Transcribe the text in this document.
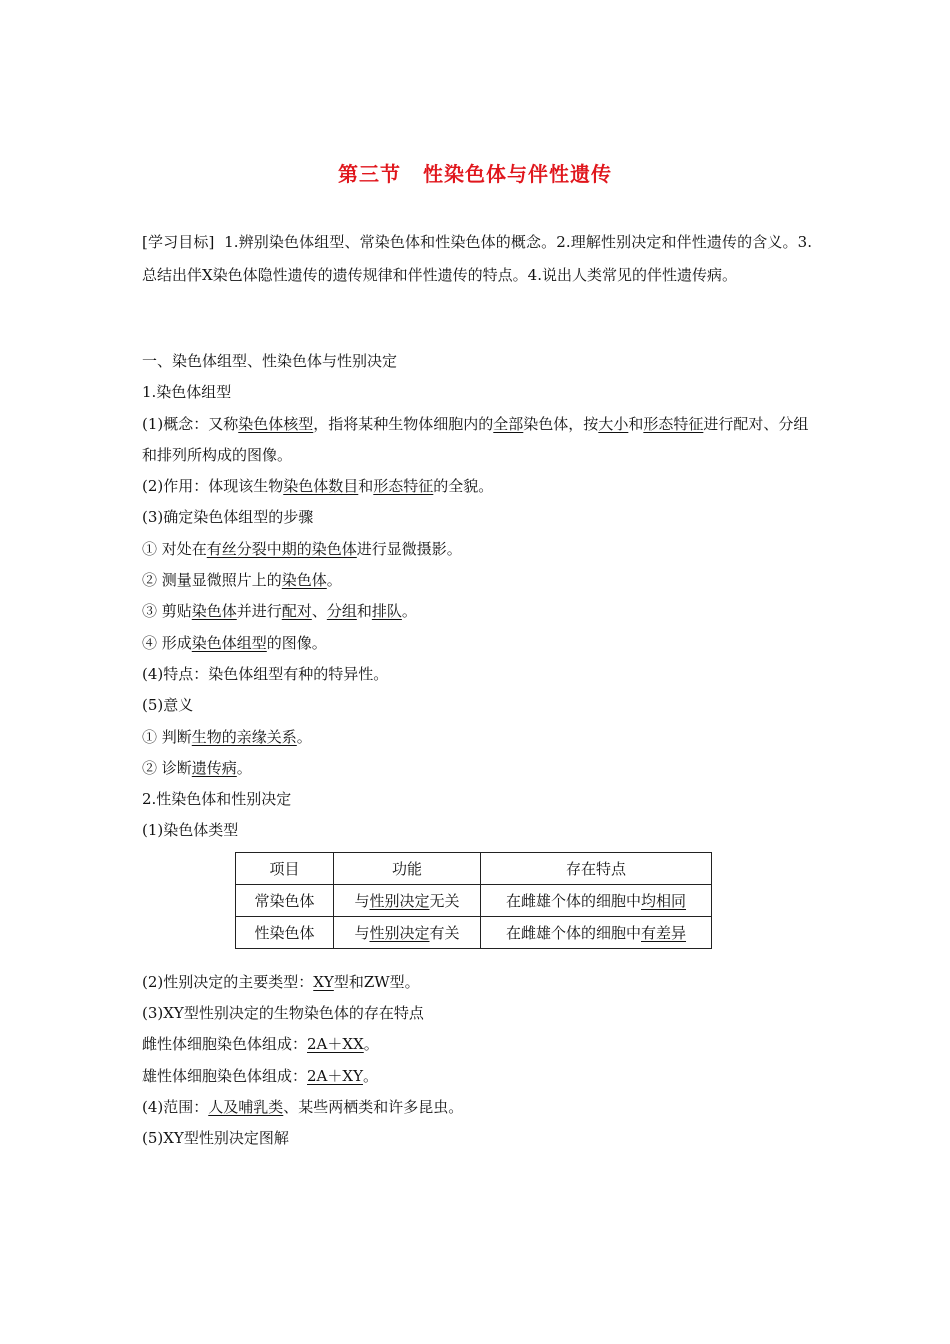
第三节 性染色体与伴性遗传
[学习目标] 1.辨别染色体组型、常染色体和性染色体的概念。2.理解性别决定和伴性遗传的含义。3.总结出伴X染色体隐性遗传的遗传规律和伴性遗传的特点。4.说出人类常见的伴性遗传病。
一、染色体组型、性染色体与性别决定
1.染色体组型
(1)概念：又称染色体核型，指将某种生物体细胞内的全部染色体，按大小和形态特征进行配对、分组和排列所构成的图像。
(2)作用：体现该生物染色体数目和形态特征的全貌。
(3)确定染色体组型的步骤
① 对处在有丝分裂中期的染色体进行显微摄影。
② 测量显微照片上的染色体。
③ 剪贴染色体并进行配对、分组和排队。
④ 形成染色体组型的图像。
(4)特点：染色体组型有种的特异性。
(5)意义
① 判断生物的亲缘关系。
② 诊断遗传病。
2.性染色体和性别决定
(1)染色体类型
项目	功能	存在特点
常染色体	与性别决定无关	在雌雄个体的细胞中均相同
性染色体	与性别决定有关	在雌雄个体的细胞中有差异
(2)性别决定的主要类型：XY型和ZW型。
(3)XY型性别决定的生物染色体的存在特点
雌性体细胞染色体组成：2A＋XX。
雄性体细胞染色体组成：2A＋XY。
(4)范围：人及哺乳类、某些两栖类和许多昆虫。
(5)XY型性别决定图解
